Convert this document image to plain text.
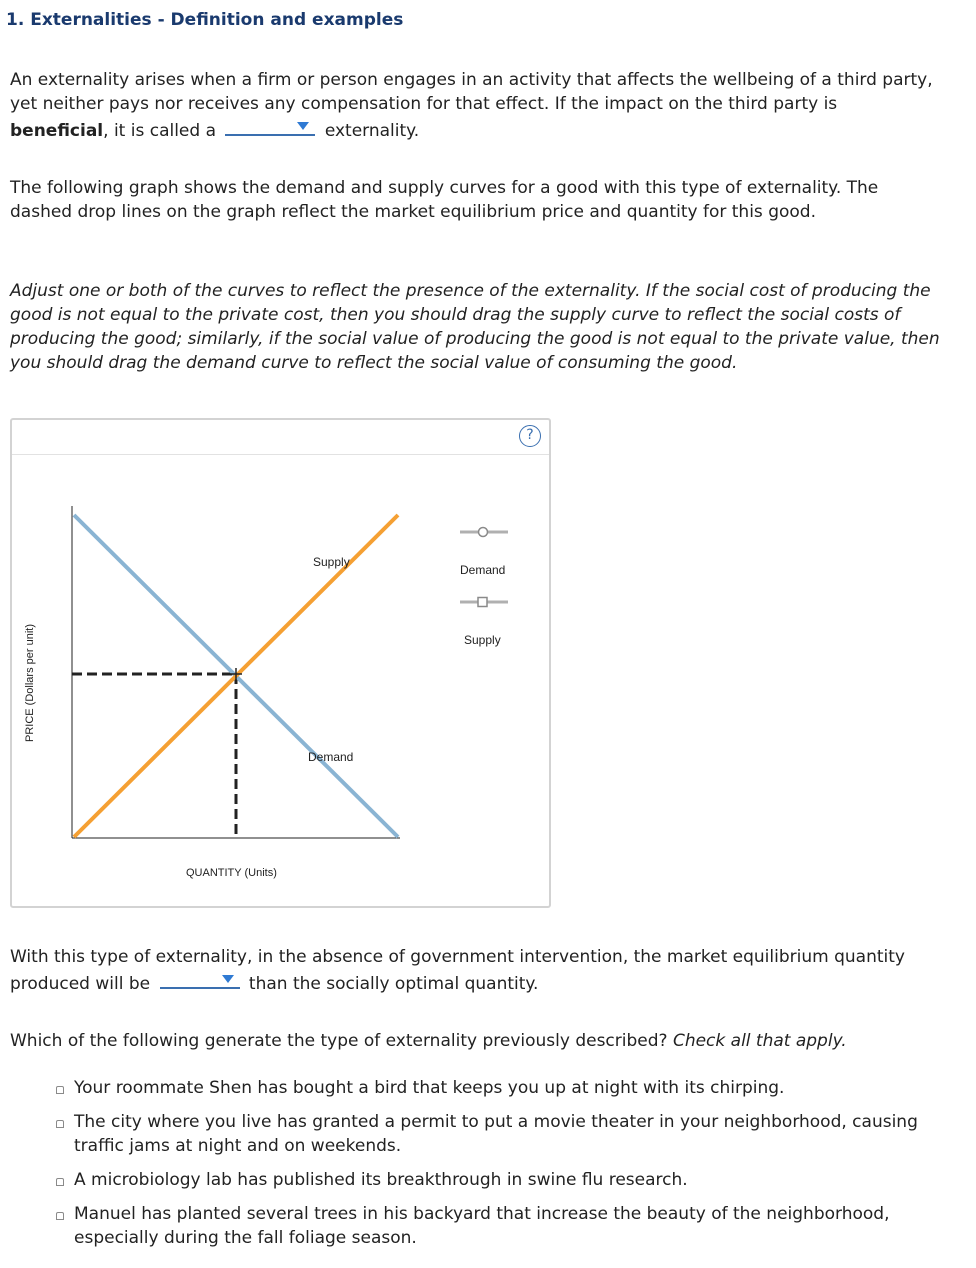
1. Externalities - Definition and examples

An externality arises when a firm or person engages in an activity that affects the wellbeing of a third party, yet neither pays nor receives any compensation for that effect. If the impact on the third party is beneficial, it is called a	externality.

The following graph shows the demand and supply curves for a good with this type of externality. The dashed drop lines on the graph reflect the market equilibrium price and quantity for this good.

Adjust one or both of the curves to reflect the presence of the externality. If the social cost of producing the good is not equal to the private cost, then you should drag the supply curve to reflect the social costs of producing the good; similarly, if the social value of producing the good is not equal to the private value, then you should drag the demand curve to reflect the social value of consuming the good.

?
Supply
Demand
QUANTITY (Units)
PRICE (Dollars per unit)
Demand
Supply

With this type of externality, in the absence of government intervention, the market equilibrium quantity produced will be	than the socially optimal quantity.

Which of the following generate the type of externality previously described? Check all that apply.

Your roommate Shen has bought a bird that keeps you up at night with its chirping.
The city where you live has granted a permit to put a movie theater in your neighborhood, causing traffic jams at night and on weekends.
A microbiology lab has published its breakthrough in swine flu research.
Manuel has planted several trees in his backyard that increase the beauty of the neighborhood, especially during the fall foliage season.
